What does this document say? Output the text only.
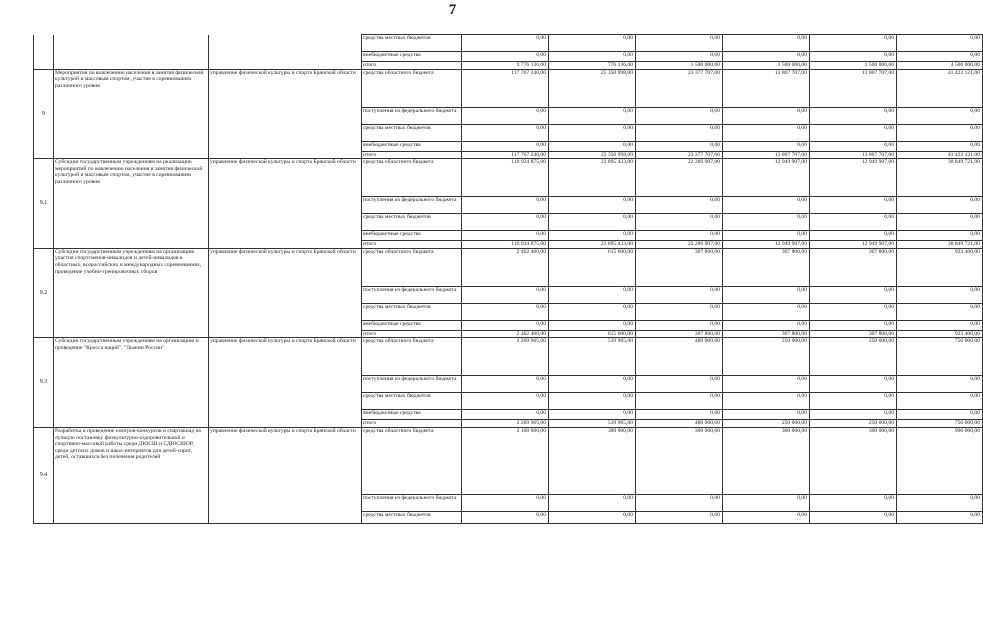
7
			средства местных бюджетов	0,00	0,00	0,00	0,00	0,00	0,00
			внебюджетные средства	0,00	0,00	0,00	0,00	0,00	0,00
			итого	9 776 136,00	776 136,00	1 500 000,00	1 500 000,00	1 500 000,00	4 500 000,00
9	Мероприятия по вовлечению населения в занятия физической культурой и массовым спортом, участие в соревнованиях различного уровня	управление физической культуры и спорта Брянской области	средства областного бюджета	117 767 240,00	25 350 998,00	23 377 707,00	13 807 707,00	13 807 707,00	41 423 121,00
			поступления из федерального бюджета	0,00	0,00	0,00	0,00	0,00	0,00
			средства местных бюджетов	0,00	0,00	0,00	0,00	0,00	0,00
			внебюджетные средства	0,00	0,00	0,00	0,00	0,00	0,00
			итого	117 767 240,00	25 350 998,00	23 377 707,00	13 807 707,00	13 807 707,00	41 423 121,00
9.1	Субсидии государственным учреждениям на реализацию мероприятий по вовлечению населения в занятия физической культурой и массовым спортом, участие в соревнованиях различного уровня	управление физической культуры и спорта Брянской области	средства областного бюджета	110 934 875,00	23 895 433,00	22 289 907,00	12 949 907,00	12 949 907,00	38 849 721,00
			поступления из федерального бюджета	0,00	0,00	0,00	0,00	0,00	0,00
			средства местных бюджетов	0,00	0,00	0,00	0,00	0,00	0,00
			внебюджетные средства	0,00	0,00	0,00	0,00	0,00	0,00
			итого	110 934 875,00	23 895 433,00	22 289 907,00	12 949 907,00	12 949 907,00	38 849 721,00
9.2	Субсидии государственным учреждениям на организацию участия спортсменов-инвалидов и детей-инвалидов в областных, всероссийских и международных соревнованиях, проведение учебно-тренировочных сборов	управление физической культуры и спорта Брянской области	средства областного бюджета	2 462 400,00	615 600,00	307 800,00	307 800,00	307 800,00	923 400,00
			поступления из федерального бюджета	0,00	0,00	0,00	0,00	0,00	0,00
			средства местных бюджетов	0,00	0,00	0,00	0,00	0,00	0,00
			внебюджетные средства	0,00	0,00	0,00	0,00	0,00	0,00
			итого	2 462 400,00	615 600,00	307 800,00	307 800,00	307 800,00	923 400,00
9.3	Субсидии государственным учреждениям на организацию и проведение "Кросса наций", "Лыжни России"	управление физической культуры и спорта Брянской области	средства областного бюджета	2 269 965,00	539 965,00	480 000,00	250 000,00	250 000,00	750 000,00
			поступления из федерального бюджета	0,00	0,00	0,00	0,00	0,00	0,00
			средства местных бюджетов	0,00	0,00	0,00	0,00	0,00	0,00
			внебюджетные средства	0,00	0,00	0,00	0,00	0,00	0,00
			итого	2 269 965,00	539 965,00	480 000,00	250 000,00	250 000,00	750 000,00
9.4	Разработка и проведение смотров-конкурсов и спартакиад на лучшую постановку физкультурно-оздоровительной и спортивно-массовой работы среди ДЮСШ и СДЮСШОР, среди детских домов и школ-интернатов для детей-сирот, детей, оставшихся без попечения родителей	управление физической культуры и спорта Брянской области	средства областного бюджета	2 100 000,00	300 000,00	300 000,00	300 000,00	300 000,00	900 000,00
			поступления из федерального бюджета	0,00	0,00	0,00	0,00	0,00	0,00
			средства местных бюджетов	0,00	0,00	0,00	0,00	0,00	0,00
